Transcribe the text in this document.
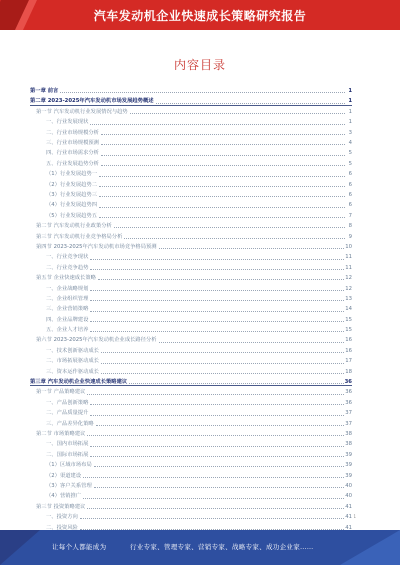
汽车发动机企业快速成长策略研究报告
内容目录
第一章 前言	1
第二章 2023-2025年汽车发动机市场发展趋势概述	1
第一节 汽车发动机行业发展情况与趋势	1
一、行业发展现状	1
二、行业市场规模分析	3
三、行业市场规模预测	4
四、行业市场需求分析	5
五、行业发展趋势分析	5
（1）行业发展趋势一	6
（2）行业发展趋势二	6
（3）行业发展趋势三	6
（4）行业发展趋势四	6
（5）行业发展趋势五	7
第二节 汽车发动机行业政策分析	8
第三节 汽车发动机行业竞争格局分析	9
第四节 2023-2025年汽车发动机市场竞争格局预测	10
一、行业竞争现状	11
二、行业竞争趋势	11
第五节 企业快速成长策略	12
一、企业战略规划	12
二、企业组织管理	13
三、企业营销策略	14
四、企业品牌建设	15
五、企业人才培养	15
第六节 2023-2025年汽车发动机企业成长路径分析	16
一、技术创新驱动成长	16
二、市场拓展驱动成长	17
三、资本运作驱动成长	18
第三章 汽车发动机企业快速成长策略建议	36
第一节 产品策略建议	36
一、产品创新策略	36
二、产品质量提升	37
三、产品差异化策略	37
第二节 市场策略建议	38
一、国内市场拓展	38
二、国际市场拓展	39
（1）区域市场布局	39
（2）渠道建设	39
（3）客户关系管理	40
（4）营销推广	40
第三节 投资策略建议	41
一、投资方向	41
二、投资风险	41
1
让每个人都能成为	行业专家、管理专家、营销专家、战略专家、成功企业家……
